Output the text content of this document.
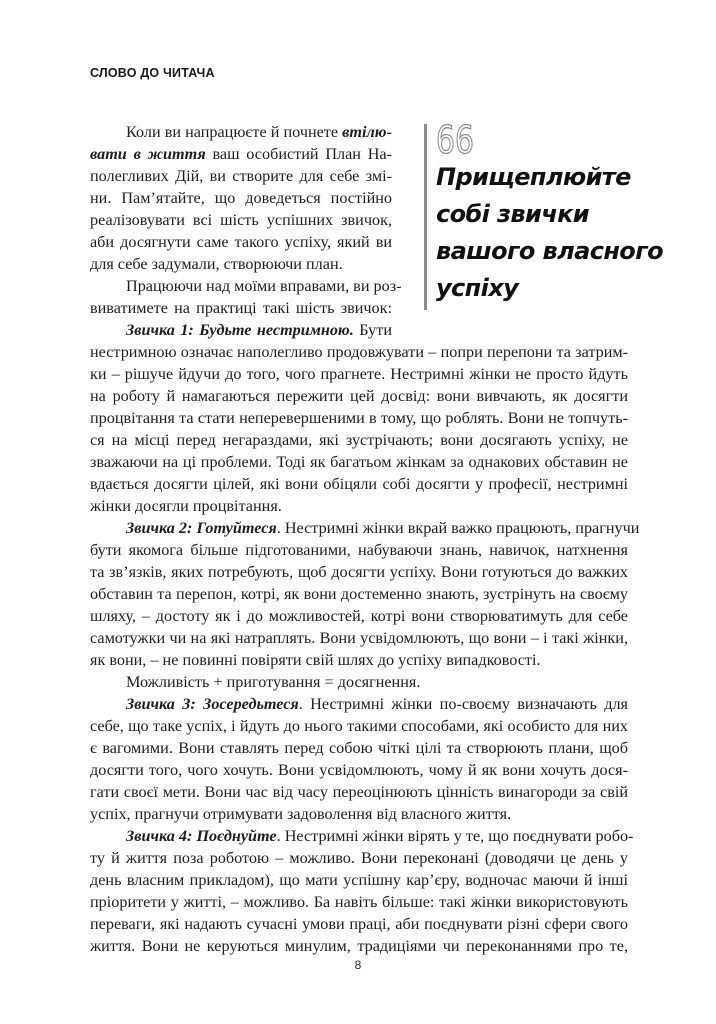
СЛОВО ДО ЧИТАЧА
66

Прищеплюйте
собі звички
вашого власного
успіху

Коли ви напрацюєте й почнете втілю-
вати в життя ваш особистий План На-
полегливих Дій, ви створите для себе змі-
ни. Пам’ятайте, що доведеться постійно
реалізовувати всі шість успішних звичок,
аби досягнути саме такого успіху, який ви
для себе задумали, створюючи план.
Працюючи над моїми вправами, ви роз-
виватимете на практиці такі шість звичок:
Звичка 1: Будьте нестримною. Бути
нестримною означає наполегливо продовжувати – попри перепони та затрим-
ки – рішуче йдучи до того, чого прагнете. Нестримні жінки не просто йдуть
на роботу й намагаються пережити цей досвід: вони вивчають, як досягти
процвітання та стати неперевершеними в тому, що роблять. Вони не топчуть-
ся на місці перед негараздами, які зустрічають; вони досягають успіху, не
зважаючи на ці проблеми. Тоді як багатьом жінкам за однакових обставин не
вдається досягти цілей, які вони обіцяли собі досягти у професії, нестримні
жінки досягли процвітання.
Звичка 2: Готуйтеся. Нестримні жінки вкрай важко працюють, прагнучи
бути якомога більше підготованими, набуваючи знань, навичок, натхнення
та зв’язків, яких потребують, щоб досягти успіху. Вони готуються до важких
обставин та перепон, котрі, як вони достеменно знають, зустрінуть на своєму
шляху, – достоту як і до можливостей, котрі вони створюватимуть для себе
самотужки чи на які натраплять. Вони усвідомлюють, що вони – і такі жінки,
як вони, – не повинні повіряти свій шлях до успіху випадковості.
Можливість + приготування = досягнення.
Звичка 3: Зосередьтеся. Нестримні жінки по-своєму визначають для
себе, що таке успіх, і йдуть до нього такими способами, які особисто для них
є вагомими. Вони ставлять перед собою чіткі цілі та створюють плани, щоб
досягти того, чого хочуть. Вони усвідомлюють, чому й як вони хочуть дося-
гати своєї мети. Вони час від часу переоцінюють цінність винагороди за свій
успіх, прагнучи отримувати задоволення від власного життя.
Звичка 4: Поєднуйте. Нестримні жінки вірять у те, що поєднувати робо-
ту й життя поза роботою – можливо. Вони переконані (доводячи це день у
день власним прикладом), що мати успішну кар’єру, водночас маючи й інші
пріоритети у житті, – можливо. Ба навіть більше: такі жінки використовують
переваги, які надають сучасні умови праці, аби поєднувати різні сфери свого
життя. Вони не керуються минулим, традиціями чи переконаннями про те,
8
